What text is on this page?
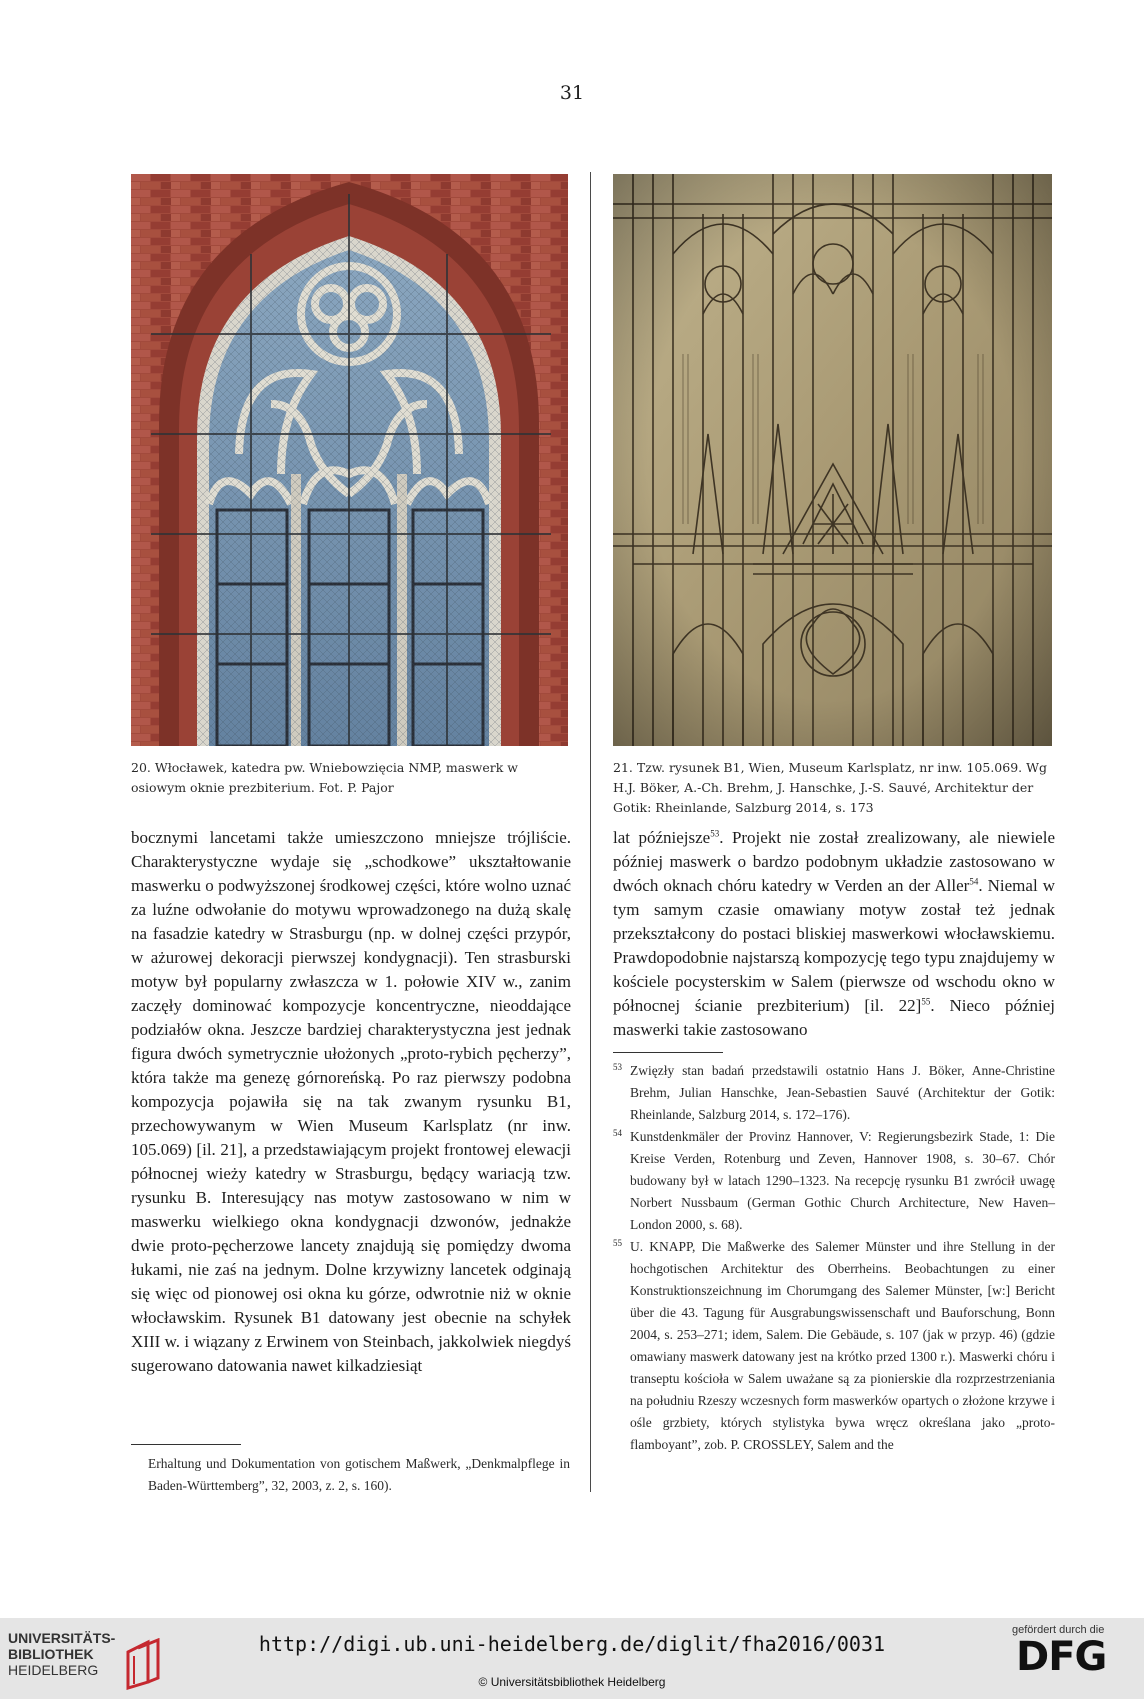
31
20. Włocławek, katedra pw. Wniebowzięcia NMP, maswerk w osiowym oknie prezbiterium. Fot. P. Pajor
21. Tzw. rysunek B1, Wien, Museum Karlsplatz, nr inw. 105.069. Wg H.J. Böker, A.-Ch. Brehm, J. Hanschke, J.-S. Sauvé, Architektur der Gotik: Rheinlande, Salzburg 2014, s. 173
bocznymi lancetami także umieszczono mniejsze trójliście. Charakterystyczne wydaje się „schodkowe” ukształtowanie maswerku o podwyższonej środkowej części, które wolno uznać za luźne odwołanie do motywu wprowadzonego na dużą skalę na fasadzie katedry w Strasburgu (np. w dolnej części przypór, w ażurowej dekoracji pierwszej kondygnacji). Ten strasburski motyw był popularny zwłaszcza w 1. połowie XIV w., zanim zaczęły dominować kompozycje koncentryczne, nieoddające podziałów okna. Jeszcze bardziej charakterystyczna jest jednak figura dwóch symetrycznie ułożonych „proto-rybich pęcherzy”, która także ma genezę górnoreńską. Po raz pierwszy podobna kompozycja pojawiła się na tak zwanym rysunku B1, przechowywanym w Wien Museum Karlsplatz (nr inw. 105.069) [il. 21], a przedstawiającym projekt frontowej elewacji północnej wieży katedry w Strasburgu, będący wariacją tzw. rysunku B. Interesujący nas motyw zastosowano w nim w maswerku wielkiego okna kondygnacji dzwonów, jednakże dwie proto-pęcherzowe lancety znajdują się pomiędzy dwoma łukami, nie zaś na jednym. Dolne krzywizny lancetek odginają się więc od pionowej osi okna ku górze, odwrotnie niż w oknie włocławskim. Rysunek B1 datowany jest obecnie na schyłek XIII w. i wiązany z Erwinem von Steinbach, jakkolwiek niegdyś sugerowano datowania nawet kilkadziesiąt
lat późniejsze$^{53}$. Projekt nie został zrealizowany, ale niewiele później maswerk o bardzo podobnym układzie zastosowano w dwóch oknach chóru katedry w Verden an der Aller$^{54}$. Niemal w tym samym czasie omawiany motyw został też jednak przekształcony do postaci bliskiej maswerkowi włocławskiemu. Prawdopodobnie najstarszą kompozycję tego typu znajdujemy w kościele pocysterskim w Salem (pierwsze od wschodu okno w północnej ścianie prezbiterium) [il. 22]$^{55}$. Nieco później maswerki takie zastosowano
53 Zwięzły stan badań przedstawili ostatnio Hans J. Böker, Anne-Christine Brehm, Julian Hanschke, Jean-Sebastien Sauvé (Architektur der Gotik: Rheinlande, Salzburg 2014, s. 172–176).
54 Kunstdenkmäler der Provinz Hannover, V: Regierungsbezirk Stade, 1: Die Kreise Verden, Rotenburg und Zeven, Hannover 1908, s. 30–67. Chór budowany był w latach 1290–1323. Na recepcję rysunku B1 zwrócił uwagę Norbert Nussbaum (German Gothic Church Architecture, New Haven–London 2000, s. 68).
55 U. KNAPP, Die Maßwerke des Salemer Münster und ihre Stellung in der hochgotischen Architektur des Oberrheins. Beobachtungen zu einer Konstruktionszeichnung im Chorumgang des Salemer Münster, [w:] Bericht über die 43. Tagung für Ausgrabungswissenschaft und Bauforschung, Bonn 2004, s. 253–271; idem, Salem. Die Gebäude, s. 107 (jak w przyp. 46) (gdzie omawiany maswerk datowany jest na krótko przed 1300 r.). Maswerki chóru i transeptu kościoła w Salem uważane są za pionierskie dla rozprzestrzeniania na południu Rzeszy wczesnych form maswerków opartych o złożone krzywe i ośle grzbiety, których stylistyka bywa wręcz określana jako „proto-flamboyant”, zob. P. CROSSLEY, Salem and the
Erhaltung und Dokumentation von gotischem Maßwerk, „Denkmalpflege in Baden-Württemberg”, 32, 2003, z. 2, s. 160).
UNIVERSITÄTS-
BIBLIOTHEK
HEIDELBERG
http://digi.ub.uni-heidelberg.de/diglit/fha2016/0031
© Universitätsbibliothek Heidelberg
gefördert durch die
DFG
